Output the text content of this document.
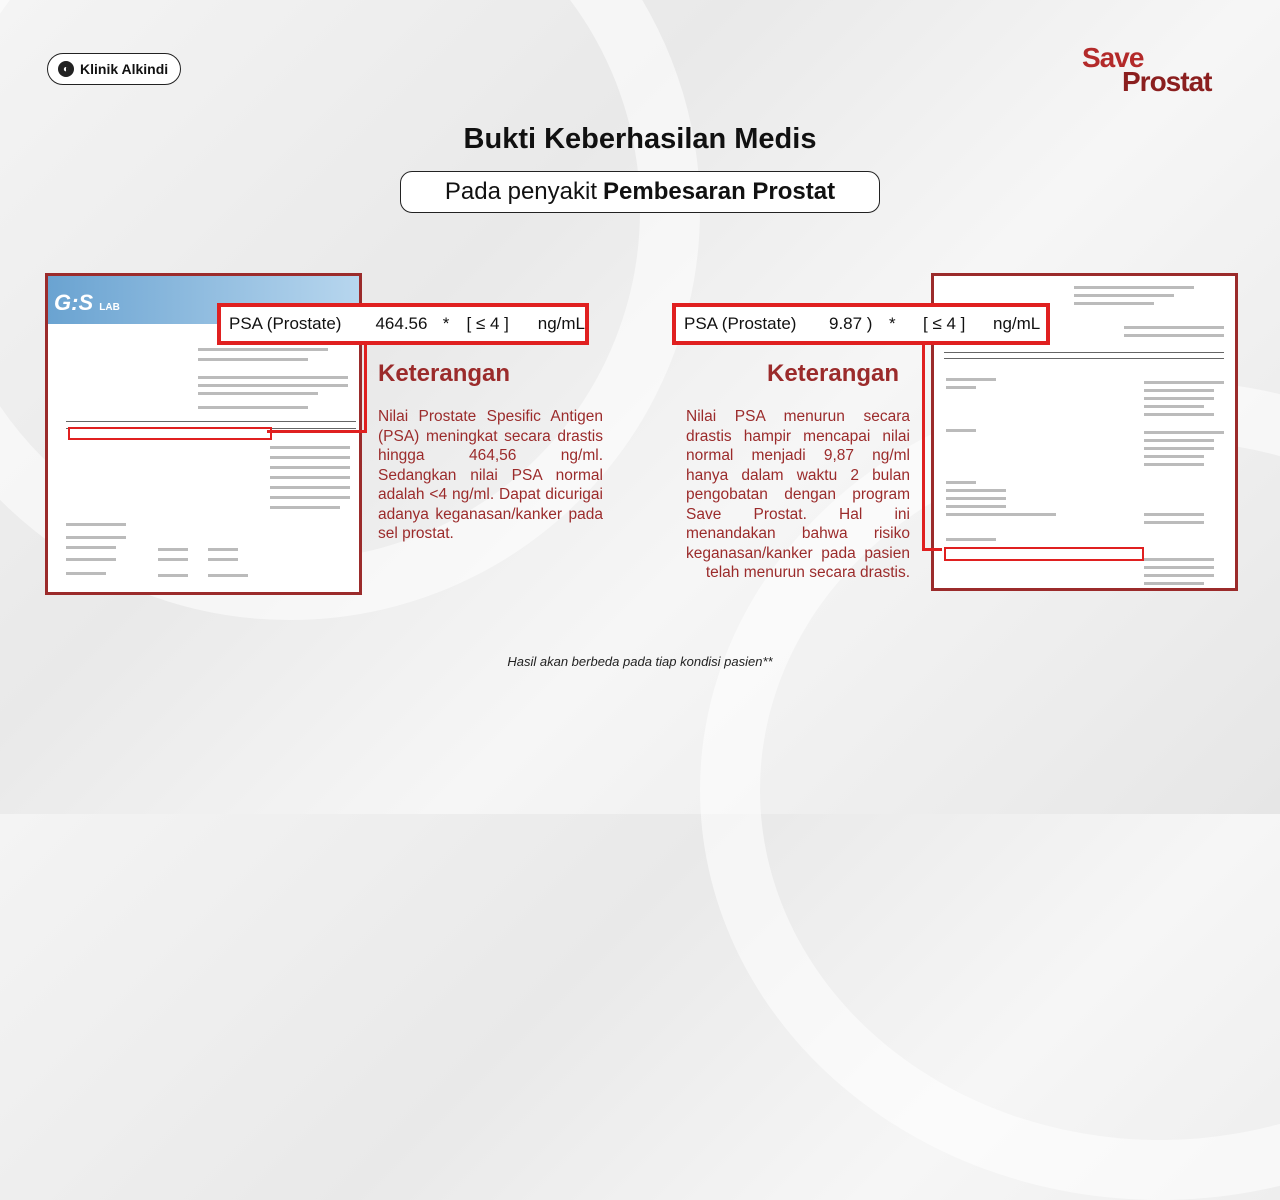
◐ Klinik Alkindi	Save
Prostat
Bukti Keberhasilan Medis
Pada penyakit Pembesaran Prostat
G:S LAB
PSA (Prostate)	464.56 *	[ ≤ 4 ]	ng/mL	PSA (Prostate)	9.87 ) *	[ ≤ 4 ]	ng/mL
Keterangan
Nilai Prostate Spesific Antigen (PSA) meningkat secara drastis hingga 464,56 ng/ml. Sedangkan nilai PSA normal adalah <4 ng/ml. Dapat dicurigai adanya keganasan/kanker pada sel prostat.
Keterangan
Nilai PSA menurun secara drastis hampir mencapai nilai normal menjadi 9,87 ng/ml hanya dalam waktu 2 bulan pengobatan dengan program Save Prostat. Hal ini menandakan bahwa risiko keganasan/kanker pada pasien telah menurun secara drastis.
Hasil akan berbeda pada tiap kondisi pasien**
